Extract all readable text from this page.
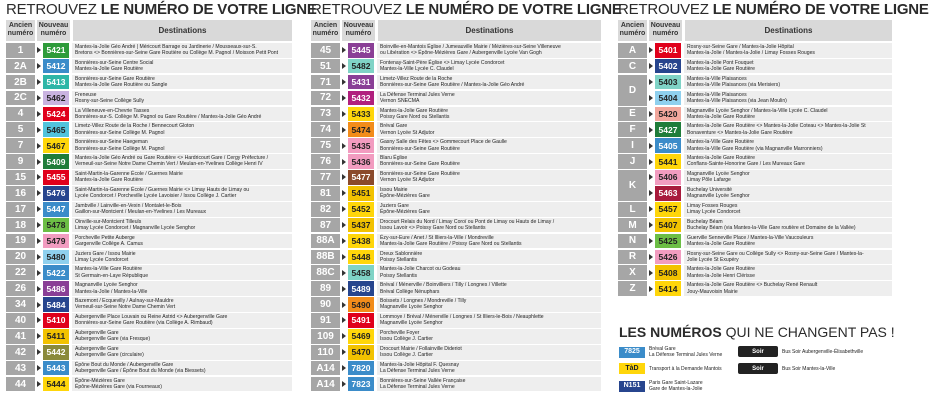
RETROUVEZ LE NUMÉRO DE VOTRE LIGNE
Ancien
numéro
Nouveau
numéro	Destinations
1	5421	Mantes-la-Jolie Géo André | Méricourt Barrage ou Jardinerie / Mousseaux-sur-S.
Bretons <> Bonnières-sur-Seine Gare Routière ou Collège M. Pagnol / Moisson Petit Pont
2A	5412	Bonnières-sur-Seine Centre Social
Mantes-la-Jolie Gare Routière
2B	5413	Bonnières-sur-Seine Gare Routière
Mantes-la-Jolie Gare Routière ou Sangle
2C	5462	Freneuse
Rosny-sur-Seine Collège Sully
4	5424	La Villeneuve-en-Chevrie Tasses
Bonnières-sur-S. Collège M. Pagnol ou Gare Routière / Mantes-la-Jolie Géo André
5	5465	Limetz-Villez Route de la Roche / Bennecourt Gloton
Bonnières-sur-Seine Collège M. Pagnol
7	5467	Bonnières-sur-Seine Haegeman
Bonnières-sur-Seine Collège M. Pagnol
9	5409	Mantes-la-Jolie Géo André ou Gare Routière <> Hardricourt Gare / Cergy Préfecture /
Verneuil-sur-Seine Notre Dame Chemin Vert / Meulan-en-Yvelines Collège Henri IV
15	5455	Saint-Martin-la-Garenne École / Guernes Mairie
Mantes-la-Jolie Gare Routière
16	5476	Saint-Martin-la-Garenne École / Guernes Mairie <> Limay Hauts de Limay ou
Lycée Condorcet / Porcheville Lycée Lavoisier / Issou Collège J. Cartier
17	5447	Jambville / Lainville-en-Vexin / Montalet-le-Bois
Gaillon-sur-Montcient / Meulan-en-Yvelines / Les Mureaux
18	5478	Oinville-sur-Montcient Tilleuls
Limay Lycée Condorcet / Magnanville Lycée Senghor
19	5479	Porcheville Petite Auberge
Gargenville Collège A. Camus
20	5480	Juziers Gare / Issou Mairie
Limay Lycée Condorcet
22	5422	Mantes-la-Ville Gare Routière
St Germain-en-Laye République
26	5486	Magnanville Lycée Senghor
Mantes-la-Jolie / Mantes-la-Ville
34	5484	Bazemont / Ecquevilly / Aulnay-sur-Mauldre
Verneuil-sur-Seine Notre Dame Chemin Vert
40	5410	Aubergenville Place Louvain ou Reine Astrid <> Aubergenville Gare
Bonnières-sur-Seine Gare Routière (via Collège A. Rimbaud)
41	5411	Aubergenville Gare
Aubergenville Gare (via Fresque)
42	5442	Aubergenville Gare
Aubergenville Gare (circulaire)
43	5443	Épône Bout du Monde / Aubergenville Gare
Aubergenville Gare / Épône Bout du Monde (via Biessets)
44	5444	Épône-Mézières Gare
Épône-Mézières Gare (via Fourneaux)
RETROUVEZ LE NUMÉRO DE VOTRE LIGNE
Ancien
numéro
Nouveau
numéro	Destinations
45	5445	Boinville-en-Mantois Église / Jumeauville Mairie / Mézières-sur-Seine Villeneuve
ou Libération <> Épône-Mézières Gare / Aubergenville Lycée Van Gogh
51	5482	Fontenay-Saint-Père Église <> Limay Lycée Condorcet
Mantes-la-Ville Lycée C. Claudel
71	5431	Limetz-Villez Route de la Roche
Bonnières-sur-Seine Gare Routière / Mantes-la-Jolie Géo André
72	5432	La Défense Terminal Jules Verne
Vernon SNECMA
73	5433	Mantes-la-Jolie Gare Routière
Poissy Gare Nord ou Stellantis
74	5474	Bréval Gare
Vernon Lycée St Adjutor
75	5435	Gasny Salle des Fêtes <> Gommecourt Place de Gaulle
Bonnières-sur-Seine Gare Routière
76	5436	Blaru Église
Bonnières-sur-Seine Gare Routière
77	5477	Bonnières-sur-Seine Gare Routière
Vernon Lycée St Adjutor
81	5451	Issou Mairie
Épône-Mézières Gare
82	5452	Juziers Gare
Épône-Mézières Gare
87	5437	Drocourt Relais du Nord / Limay Coroï ou Pont de Limay ou Hauts de Limay /
Issou Lavoir <> Poissy Gare Nord ou Stellantis
88A	5438	Ézy-sur-Eure / Anet / St Illiers-la-Ville / Mondreville
Mantes-la-Jolie Gare Routière / Poissy Gare Nord ou Stellantis
88B	5448	Dreux Sablonnière
Poissy Stellantis
88C	5458	Mantes-la-Jolie Charcot ou Godeau
Poissy Stellantis
89	5489	Bréval / Ménerville / Boinvilliers / Tilly / Longnes / Villette
Bréval Collège Nénuphars
90	5490	Boissets / Longnes / Mondreville / Tilly
Magnanville Lycée Senghor
91	5491	Lommoye / Bréval / Ménerville / Longnes / St Illiers-le-Bois / Neauphlette
Magnanville Lycée Senghor
109	5469	Porcheville Foyer
Issou Collège J. Cartier
110	5470	Drocourt Mairie / Follainville Dideriot
Issou Collège J. Cartier
A14	7820	Mantes-la-Jolie Hôpital F. Quesnay
La Défense Terminal Jules Verne
A14	7823	Bonnières-sur-Seine Vallée Française
La Défense Terminal Jules Verne
RETROUVEZ LE NUMÉRO DE VOTRE LIGNE
Ancien
numéro
Nouveau
numéro	Destinations
A	5401	Rosny-sur-Seine Gare / Mantes-la-Jolie Hôpital
Mantes-la-Jolie / Mantes-la-Jolie / Limay Fosses Rouges
C	5402	Mantes-la-Jolie Pont Fouquet
Mantes-la-Jolie Gare Routière
D
5403	Mantes-la-Ville Plaisances
Mantes-la-Ville Plaisances (via Merisiers)
5404	Mantes-la-Ville Plaisances
Mantes-la-Ville Plaisances (via Jean Moulin)
E	5420	Magnanville Lycée Senghor / Mantes-la-Ville Lycée C. Claudel
Mantes-la-Jolie Gare Routière
F	5427	Mantes-la-Jolie Gare Routière <> Mantes-la-Jolie Coteau <> Mantes-la-Jolie St
Bonaventure <> Mantes-la-Jolie Gare Routière
I	5405	Mantes-la-Ville Gare Routière
Mantes-la-Ville Gare Routière (via Magnanville Marronniers)
J	5441	Mantes-la-Jolie Gare Routière
Conflans-Sainte-Honorine Gare / Les Mureaux Gare
K
5406	Magnanville Lycée Senghor
Limay Pôle Lafarge
5463	Buchelay Université
Magnanville Lycée Senghor
L	5457	Limay Fosses Rouges
Limay Lycée Condorcet
M	5407	Buchelay Béam
Buchelay Béam (via Mantes-la-Ville Gare routière et Domaine de la Vallée)
N	5425	Guerville Senneville Place / Mantes-la-Ville Vaucouleurs
Mantes-la-Jolie Gare Routière
R	5426	Rosny-sur-Seine Gare ou Collège Sully <> Rosny-sur-Seine Gare / Mantes-la-
Jolie Lycée St Exupéry
X	5408	Mantes-la-Jolie Gare Routière
Mantes-la-Jolie Henri Clérisse
Z	5414	Mantes-la-Jolie Gare Routière <> Buchelay René Renault
Jouy-Mauvoisin Mairie
LES NUMÉROS QUI NE CHANGENT PAS !
7825	Bréval Gare
La Défense Terminal Jules Verne
TàD	Transport à la Demande Mantois
N151	Paris Gare Saint-Lazare
Gare de Mantes-la-Jolie
Soir	Bus Soir Aubergenville-Élisabethville
Soir	Bus Soir Mantes-la-Ville
